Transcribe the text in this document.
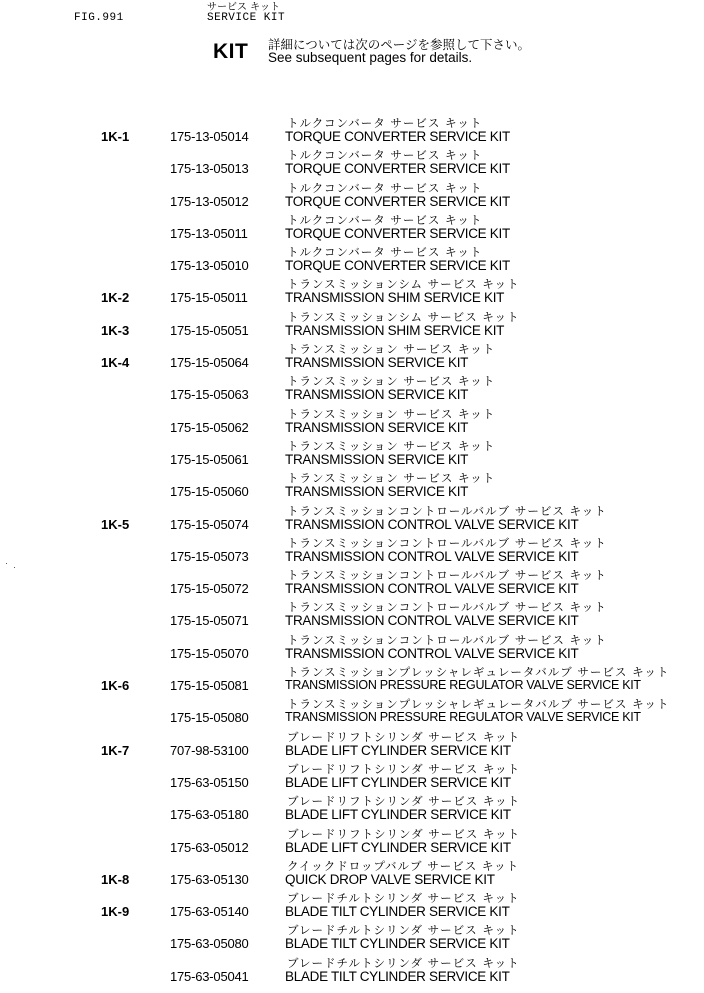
FIG.991
サービス キット
SERVICE KIT
KIT 詳細については次のページを参照して下さい。
See subsequent pages for details.
トルクコンバータ サービス キット
1K-1	175-13-05014	TORQUE CONVERTER SERVICE KIT
トルクコンバータ サービス キット
175-13-05013	TORQUE CONVERTER SERVICE KIT
トルクコンバータ サービス キット
175-13-05012	TORQUE CONVERTER SERVICE KIT
トルクコンバータ サービス キット
175-13-05011	TORQUE CONVERTER SERVICE KIT
トルクコンバータ サービス キット
175-13-05010	TORQUE CONVERTER SERVICE KIT
トランスミッションシム サービス キット
1K-2	175-15-05011	TRANSMISSION SHIM SERVICE KIT
トランスミッションシム サービス キット
1K-3	175-15-05051	TRANSMISSION SHIM SERVICE KIT
トランスミッション サービス キット
1K-4	175-15-05064	TRANSMISSION SERVICE KIT
トランスミッション サービス キット
175-15-05063	TRANSMISSION SERVICE KIT
トランスミッション サービス キット
175-15-05062	TRANSMISSION SERVICE KIT
トランスミッション サービス キット
175-15-05061	TRANSMISSION SERVICE KIT
トランスミッション サービス キット
175-15-05060	TRANSMISSION SERVICE KIT
トランスミッションコントロールバルブ サービス キット
1K-5	175-15-05074	TRANSMISSION CONTROL VALVE SERVICE KIT
トランスミッションコントロールバルブ サービス キット
175-15-05073	TRANSMISSION CONTROL VALVE SERVICE KIT
トランスミッションコントロールバルブ サービス キット
175-15-05072	TRANSMISSION CONTROL VALVE SERVICE KIT
トランスミッションコントロールバルブ サービス キット
175-15-05071	TRANSMISSION CONTROL VALVE SERVICE KIT
トランスミッションコントロールバルブ サービス キット
175-15-05070	TRANSMISSION CONTROL VALVE SERVICE KIT
トランスミッションプレッシャレギュレータバルブ サービス キット
1K-6	175-15-05081	TRANSMISSION PRESSURE REGULATOR VALVE SERVICE KIT
トランスミッションプレッシャレギュレータバルブ サービス キット
175-15-05080	TRANSMISSION PRESSURE REGULATOR VALVE SERVICE KIT
ブレードリフトシリンダ サービス キット
1K-7	707-98-53100	BLADE LIFT CYLINDER SERVICE KIT
ブレードリフトシリンダ サービス キット
175-63-05150	BLADE LIFT CYLINDER SERVICE KIT
ブレードリフトシリンダ サービス キット
175-63-05180	BLADE LIFT CYLINDER SERVICE KIT
ブレードリフトシリンダ サービス キット
175-63-05012	BLADE LIFT CYLINDER SERVICE KIT
クイックドロップバルブ サービス キット
1K-8	175-63-05130	QUICK DROP VALVE SERVICE KIT
ブレードチルトシリンダ サービス キット
1K-9	175-63-05140	BLADE TILT CYLINDER SERVICE KIT
ブレードチルトシリンダ サービス キット
175-63-05080	BLADE TILT CYLINDER SERVICE KIT
ブレードチルトシリンダ サービス キット
175-63-05041	BLADE TILT CYLINDER SERVICE KIT
